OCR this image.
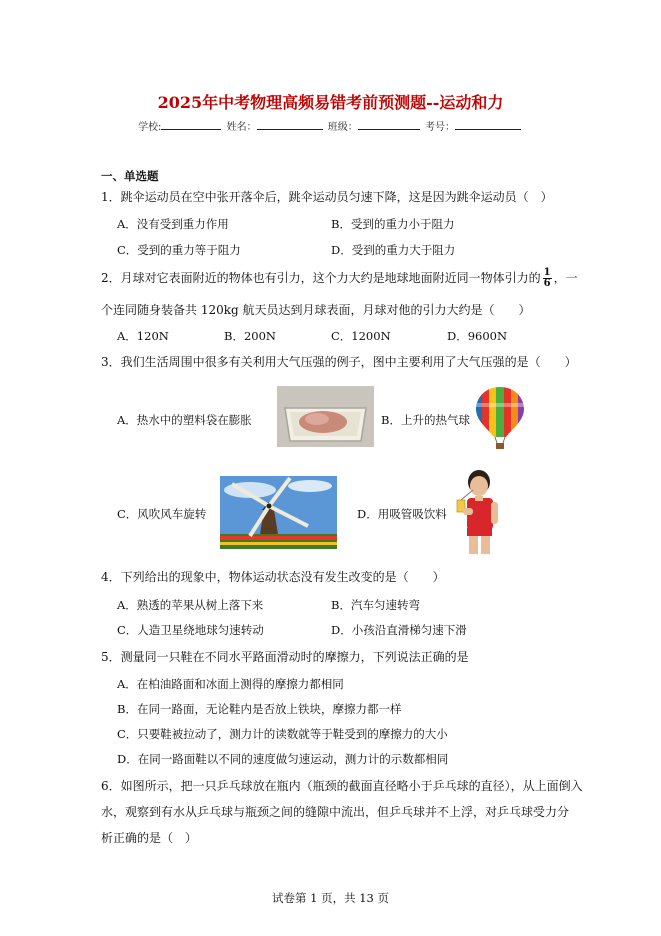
2025年中考物理高频易错考前预测题--运动和力
学校:	姓名：	班级：	考号：
一、单选题
1．跳伞运动员在空中张开落伞后，跳伞运动员匀速下降，这是因为跳伞运动员（　）
A．没有受到重力作用	B．受到的重力小于阻力
C．受到的重力等于阻力	D．受到的重力大于阻力
2．月球对它表面附近的物体也有引力，这个力大约是地球地面附近同一物体引力的 $\frac{1}{6}$ ，一
个连同随身装备共 120kg 航天员达到月球表面，月球对他的引力大约是（　　）
A．120N	B．200N	C．1200N	D．9600N
3．我们生活周围中很多有关利用大气压强的例子，图中主要利用了大气压强的是（　　）
A．热水中的塑料袋在膨胀	B．上升的热气球
C．风吹风车旋转	D．用吸管吸饮料
4．下列给出的现象中，物体运动状态没有发生改变的是（　　）
A．熟透的苹果从树上落下来	B．汽车匀速转弯
C．人造卫星绕地球匀速转动	D．小孩沿直滑梯匀速下滑
5．测量同一只鞋在不同水平路面滑动时的摩擦力，下列说法正确的是
A．在柏油路面和冰面上测得的摩擦力都相同
B．在同一路面，无论鞋内是否放上铁块，摩擦力都一样
C．只要鞋被拉动了，测力计的读数就等于鞋受到的摩擦力的大小
D．在同一路面鞋以不同的速度做匀速运动，测力计的示数都相同
6．如图所示，把一只乒乓球放在瓶内（瓶颈的截面直径略小于乒乓球的直径），从上面倒入
水，观察到有水从乒乓球与瓶颈之间的缝隙中流出，但乒乓球并不上浮，对乒乓球受力分
析正确的是（　）
试卷第 1 页，共 13 页
